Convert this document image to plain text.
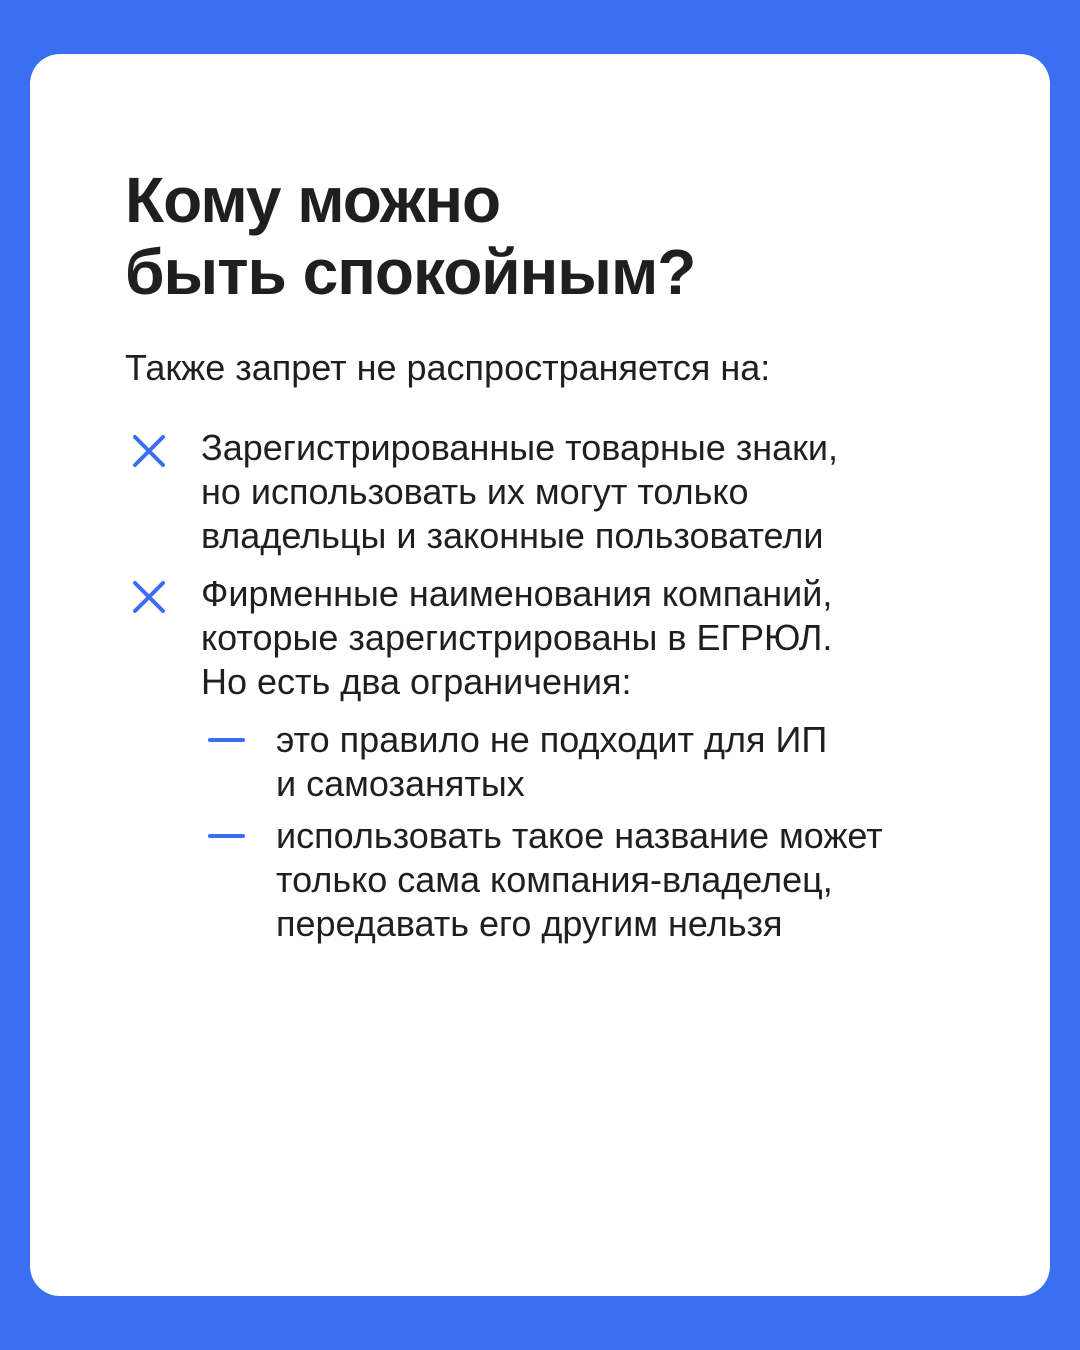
Кому можно
быть спокойным?

Также запрет не распространяется на:

Зарегистрированные товарные знаки,
но использовать их могут только
владельцы и законные пользователи
Фирменные наименования компаний,
которые зарегистрированы в ЕГРЮЛ.
Но есть два ограничения:
это правило не подходит для ИП
и самозанятых
использовать такое название может
только сама компания-владелец,
передавать его другим нельзя
